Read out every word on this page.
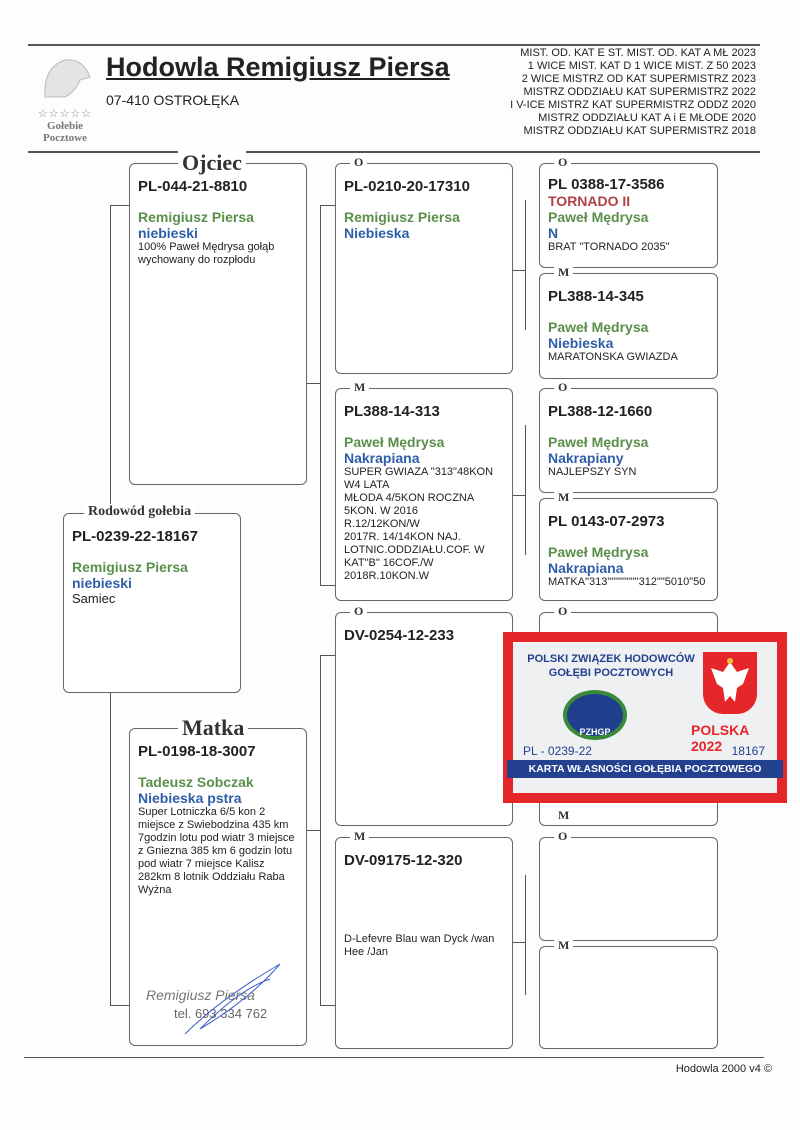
☆☆☆☆☆
Gołebie
Pocztowe
Hodowla Remigiusz Piersa
07-410 OSTROŁĘKA
MIST. OD. KAT E ST. MIST. OD. KAT A MŁ 2023
1 WICE MIST. KAT D 1 WICE MIST. Z 50 2023
2 WICE MISTRZ OD KAT SUPERMISTRZ 2023
MISTRZ ODDZIAŁU KAT SUPERMISTRZ 2022
I V-ICE MISTRZ KAT SUPERMISTRZ ODDZ 2020
MISTRZ ODDZIAŁU KAT A i E MŁODE 2020
MISTRZ ODDZIAŁU KAT SUPERMISTRZ 2018
Ojciec
PL-044-21-8810
Remigiusz Piersa
niebieski
100% Paweł Mędrysa gołąb wychowany do rozpłodu
Rodowód gołebia
PL-0239-22-18167
Remigiusz Piersa
niebieski
Samiec
Matka
PL-0198-18-3007
Tadeusz Sobczak
Niebieska pstra
Super Lotniczka 6/5 kon 2 miejsce z Swiebodzina 435 km 7godzin lotu pod wiatr 3 miejsce z Gniezna 385 km 6 godzin lotu pod wiatr 7 miejsce Kalisz 282km 8 lotnik Oddziału Raba Wyżna
Remigiusz Piersa
tel. 693 334 762
O
PL-0210-20-17310
Remigiusz Piersa
Niebieska
M
PL388-14-313
Paweł Mędrysa
Nakrapiana
SUPER GWIAZA "313"48KON W4 LATA
MŁODA 4/5KON ROCZNA 5KON. W 2016
R.12/12KON/W
2017R. 14/14KON NAJ. LOTNIC.ODDZIAŁU.COF. W KAT"B" 16COF./W
2018R.10KON.W
O
DV-0254-12-233
M
DV-09175-12-320
D-Lefevre Blau wan Dyck /wan Hee /Jan
O
PL 0388-17-3586
TORNADO II
Paweł Mędrysa
N
BRAT "TORNADO 2035"
M
PL388-14-345
Paweł Mędrysa
Niebieska
MARATONSKA GWIAZDA
O
PL388-12-1660
Paweł Mędrysa
Nakrapiany
NAJLEPSZY SYN
M
PL 0143-07-2973
Paweł Mędrysa
Nakrapiana
MATKA"313""""""""312""5010"50
O
M
O
M
POLSKI ZWIĄZEK HODOWCÓW
GOŁĘBI POCZTOWYCH
PZHGP	POLSKA 2022
PL - 0239-22	18167
KARTA WŁASNOŚCI GOŁĘBIA POCZTOWEGO
Hodowla 2000 v4 ©
